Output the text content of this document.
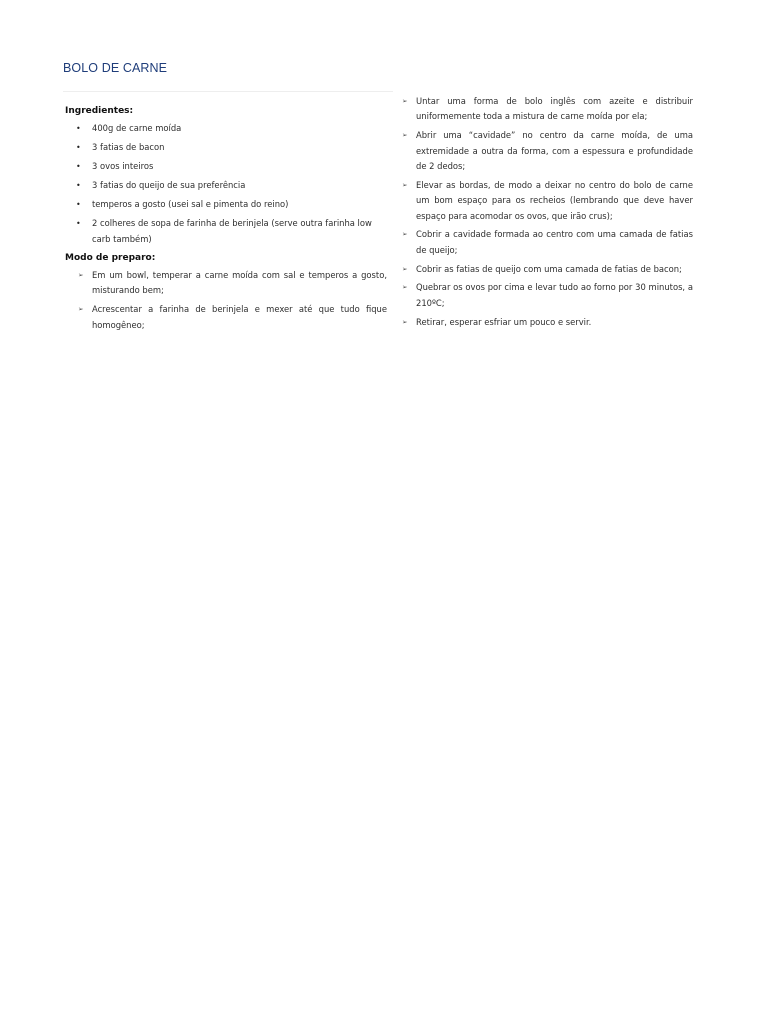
BOLO DE CARNE
Ingredientes:
• 400g de carne moída
• 3 fatias de bacon
• 3 ovos inteiros
• 3 fatias do queijo de sua preferência
• temperos a gosto (usei sal e pimenta do reino)
• 2 colheres de sopa de farinha de berinjela (serve outra farinha low carb também)
Modo de preparo:
➢ Em um bowl, temperar a carne moída com sal e temperos a gosto, misturando bem;
➢ Acrescentar a farinha de berinjela e mexer até que tudo fique homogêneo;
➢ Untar uma forma de bolo inglês com azeite e distribuir uniformemente toda a mistura de carne moída por ela;
➢ Abrir uma “cavidade” no centro da carne moída, de uma extremidade a outra da forma, com a espessura e profundidade de 2 dedos;
➢ Elevar as bordas, de modo a deixar no centro do bolo de carne um bom espaço para os recheios (lembrando que deve haver espaço para acomodar os ovos, que irão crus);
➢ Cobrir a cavidade formada ao centro com uma camada de fatias de queijo;
➢ Cobrir as fatias de queijo com uma camada de fatias de bacon;
➢ Quebrar os ovos por cima e levar tudo ao forno por 30 minutos, a 210ºC;
➢ Retirar, esperar esfriar um pouco e servir.
